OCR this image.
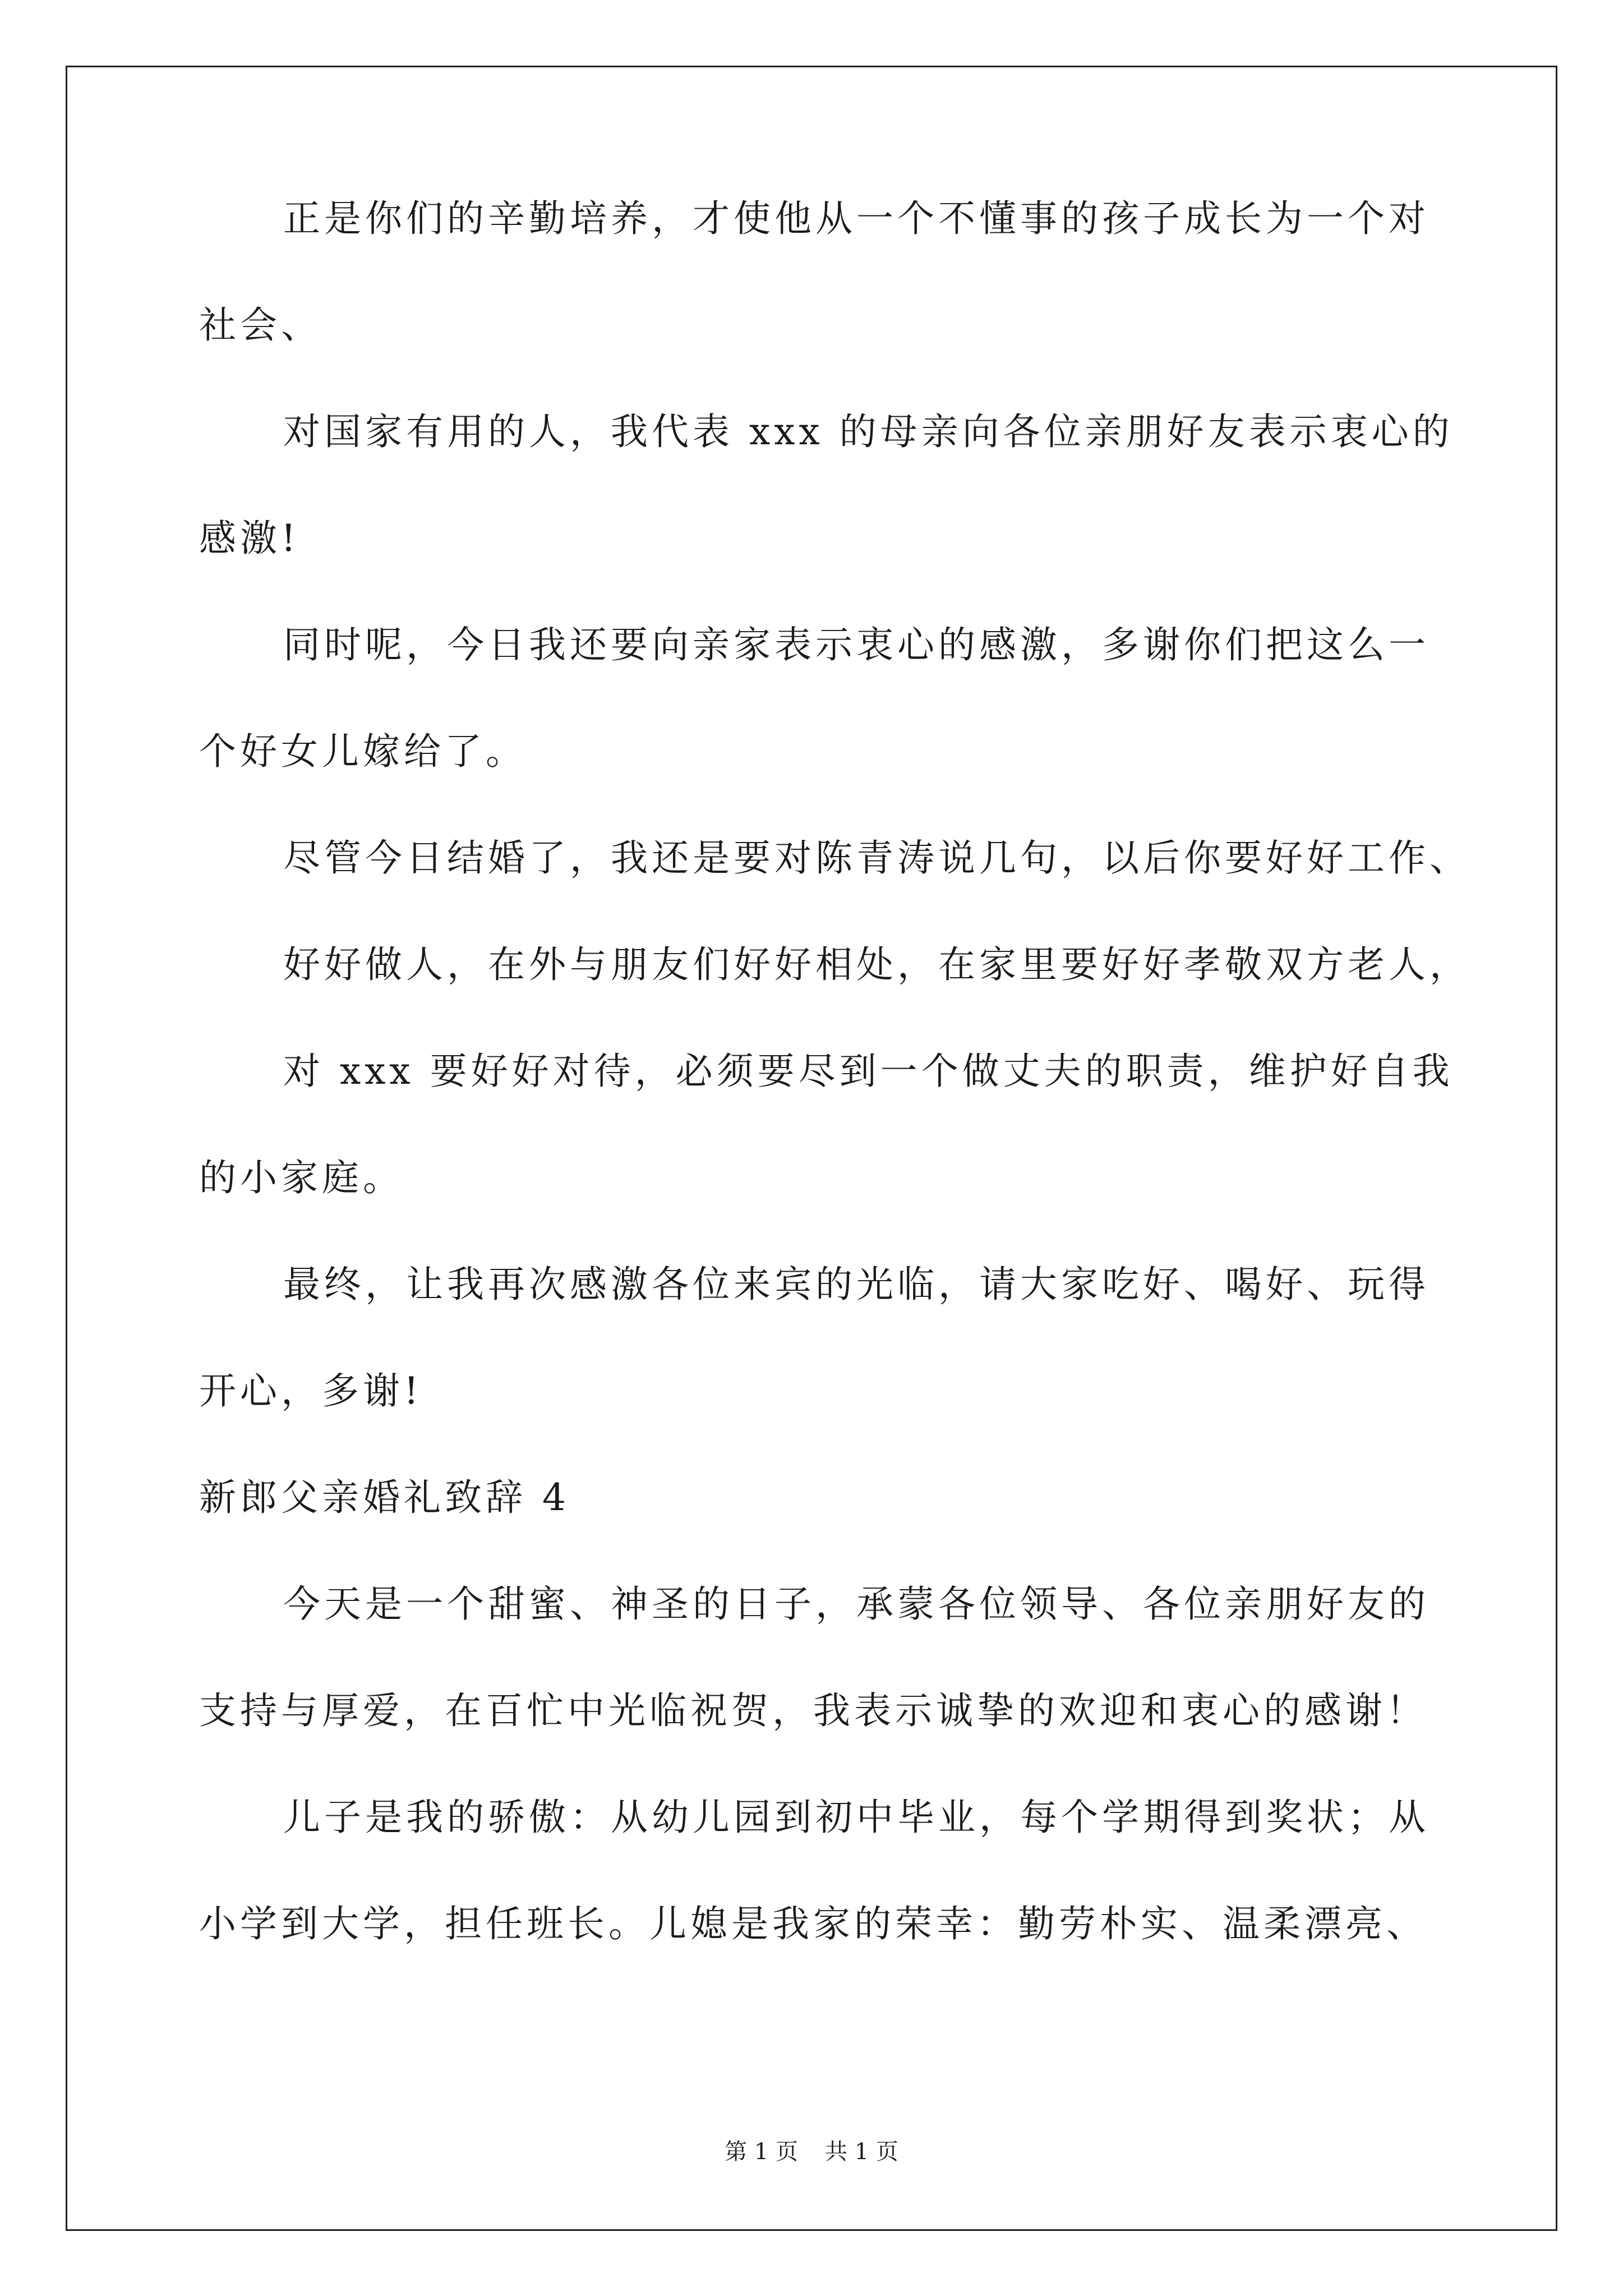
正是你们的辛勤培养，才使他从一个不懂事的孩子成长为一个对
社会、
对国家有用的人，我代表 xxx 的母亲向各位亲朋好友表示衷心的
感激!
同时呢，今日我还要向亲家表示衷心的感激，多谢你们把这么一
个好女儿嫁给了。
尽管今日结婚了，我还是要对陈青涛说几句，以后你要好好工作、
好好做人，在外与朋友们好好相处，在家里要好好孝敬双方老人，
对 xxx 要好好对待，必须要尽到一个做丈夫的职责，维护好自我
的小家庭。
最终，让我再次感激各位来宾的光临，请大家吃好、喝好、玩得
开心，多谢!
新郎父亲婚礼致辞 4
今天是一个甜蜜、神圣的日子，承蒙各位领导、各位亲朋好友的
支持与厚爱，在百忙中光临祝贺，我表示诚挚的欢迎和衷心的感谢！
儿子是我的骄傲：从幼儿园到初中毕业，每个学期得到奖状；从
小学到大学，担任班长。儿媳是我家的荣幸：勤劳朴实、温柔漂亮、
第 1 页 共 1 页
